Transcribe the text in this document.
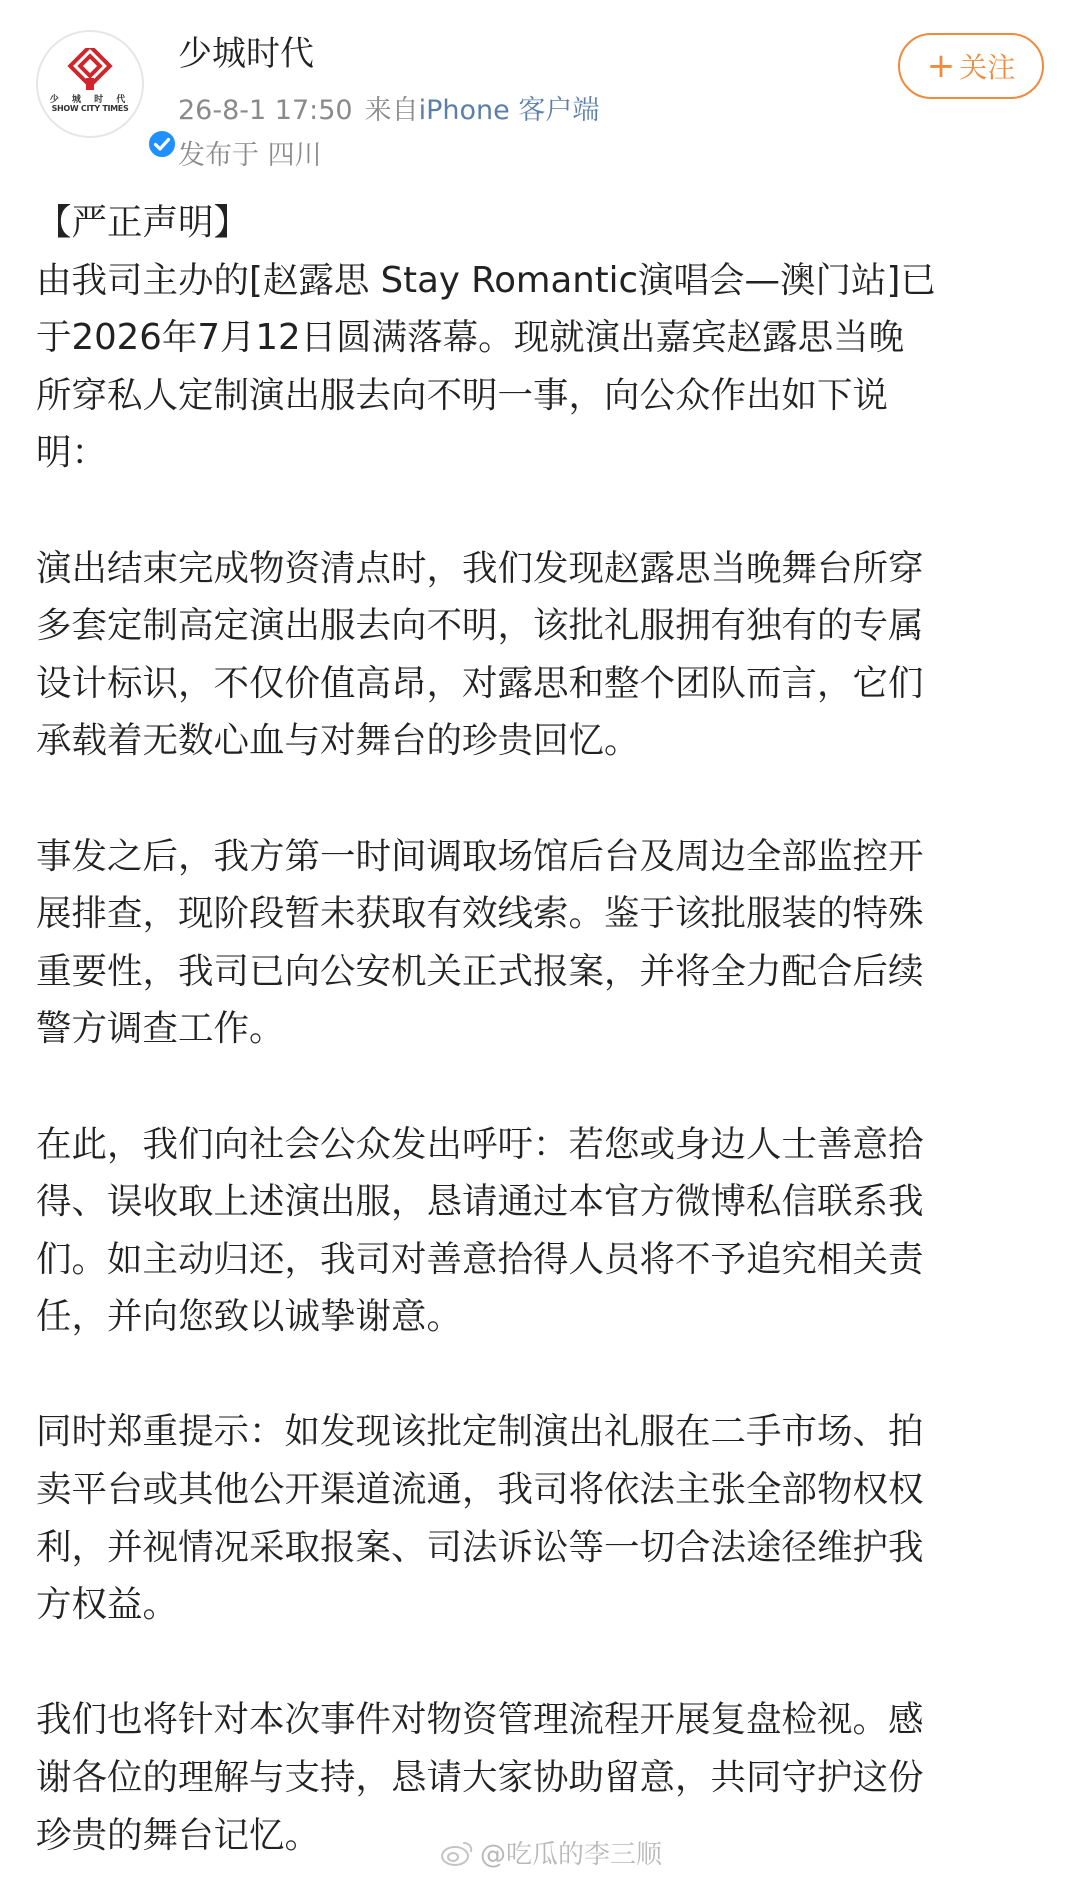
少 城 时 代
SHOW CITY TIMES
少城时代
26-8-1 17:50 来自iPhone 客户端
发布于 四川
+ 关注
【严正声明】
由我司主办的[赵露思 Stay Romantic演唱会—澳门站]已
于2026年7月12日圆满落幕。现就演出嘉宾赵露思当晚
所穿私人定制演出服去向不明一事，向公众作出如下说
明：
演出结束完成物资清点时，我们发现赵露思当晚舞台所穿
多套定制高定演出服去向不明，该批礼服拥有独有的专属
设计标识，不仅价值高昂，对露思和整个团队而言，它们
承载着无数心血与对舞台的珍贵回忆。
事发之后，我方第一时间调取场馆后台及周边全部监控开
展排查，现阶段暂未获取有效线索。鉴于该批服装的特殊
重要性，我司已向公安机关正式报案，并将全力配合后续
警方调查工作。
在此，我们向社会公众发出呼吁：若您或身边人士善意拾
得、误收取上述演出服，恳请通过本官方微博私信联系我
们。如主动归还，我司对善意拾得人员将不予追究相关责
任，并向您致以诚挚谢意。
同时郑重提示：如发现该批定制演出礼服在二手市场、拍
卖平台或其他公开渠道流通，我司将依法主张全部物权权
利，并视情况采取报案、司法诉讼等一切合法途径维护我
方权益。
我们也将针对本次事件对物资管理流程开展复盘检视。感
谢各位的理解与支持，恳请大家协助留意，共同守护这份
珍贵的舞台记忆。	@吃瓜的李三顺
